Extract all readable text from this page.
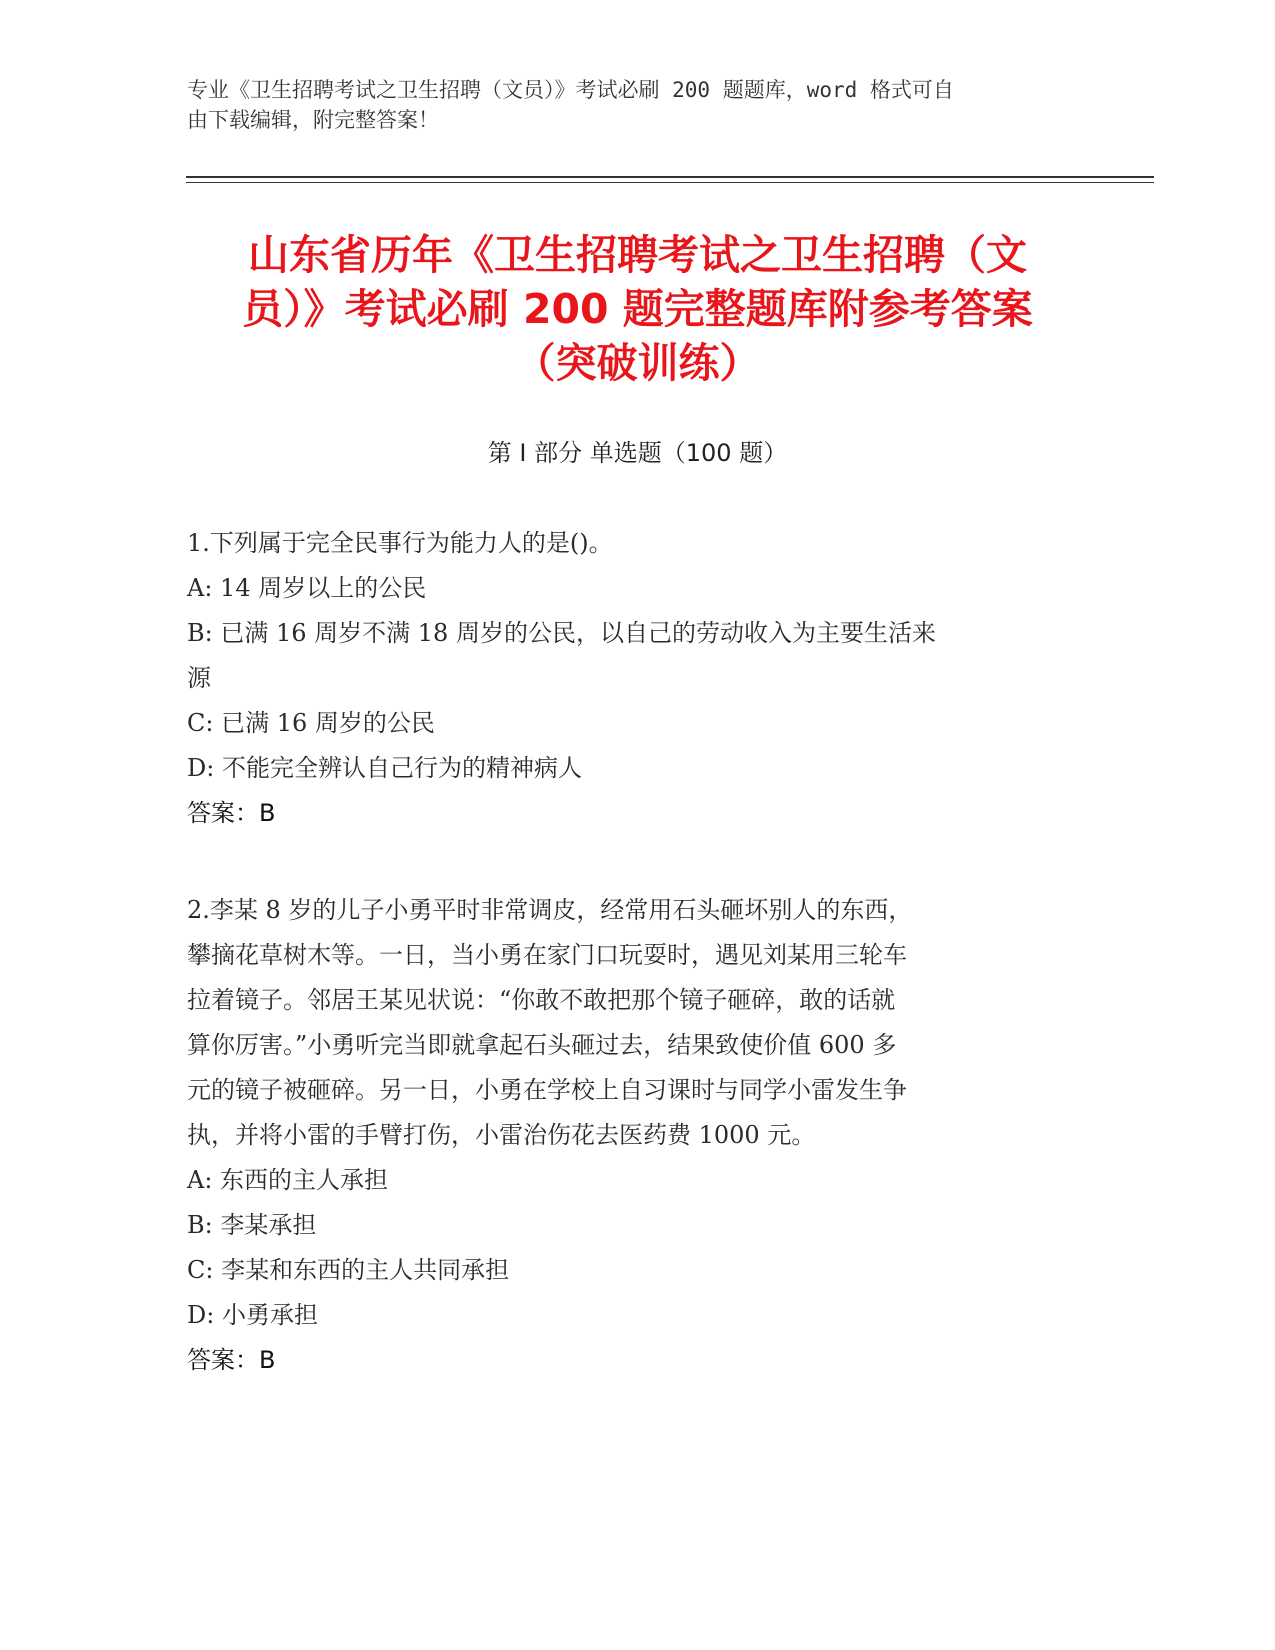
专业《卫生招聘考试之卫生招聘（文员）》考试必刷 200 题题库，word 格式可自
由下载编辑，附完整答案！
山东省历年《卫生招聘考试之卫生招聘（文
员）》考试必刷 200 题完整题库附参考答案
（突破训练）
第 I 部分 单选题（100 题）
1.下列属于完全民事行为能力人的是()。
A: 14 周岁以上的公民
B: 已满 16 周岁不满 18 周岁的公民，以自己的劳动收入为主要生活来
源
C: 已满 16 周岁的公民
D: 不能完全辨认自己行为的精神病人
答案：B
2.李某 8 岁的儿子小勇平时非常调皮，经常用石头砸坏别人的东西，
攀摘花草树木等。一日，当小勇在家门口玩耍时，遇见刘某用三轮车
拉着镜子。邻居王某见状说：“你敢不敢把那个镜子砸碎，敢的话就
算你厉害。”小勇听完当即就拿起石头砸过去，结果致使价值 600 多
元的镜子被砸碎。另一日，小勇在学校上自习课时与同学小雷发生争
执，并将小雷的手臂打伤，小雷治伤花去医药费 1000 元。
A: 东西的主人承担
B: 李某承担
C: 李某和东西的主人共同承担
D: 小勇承担
答案：B
